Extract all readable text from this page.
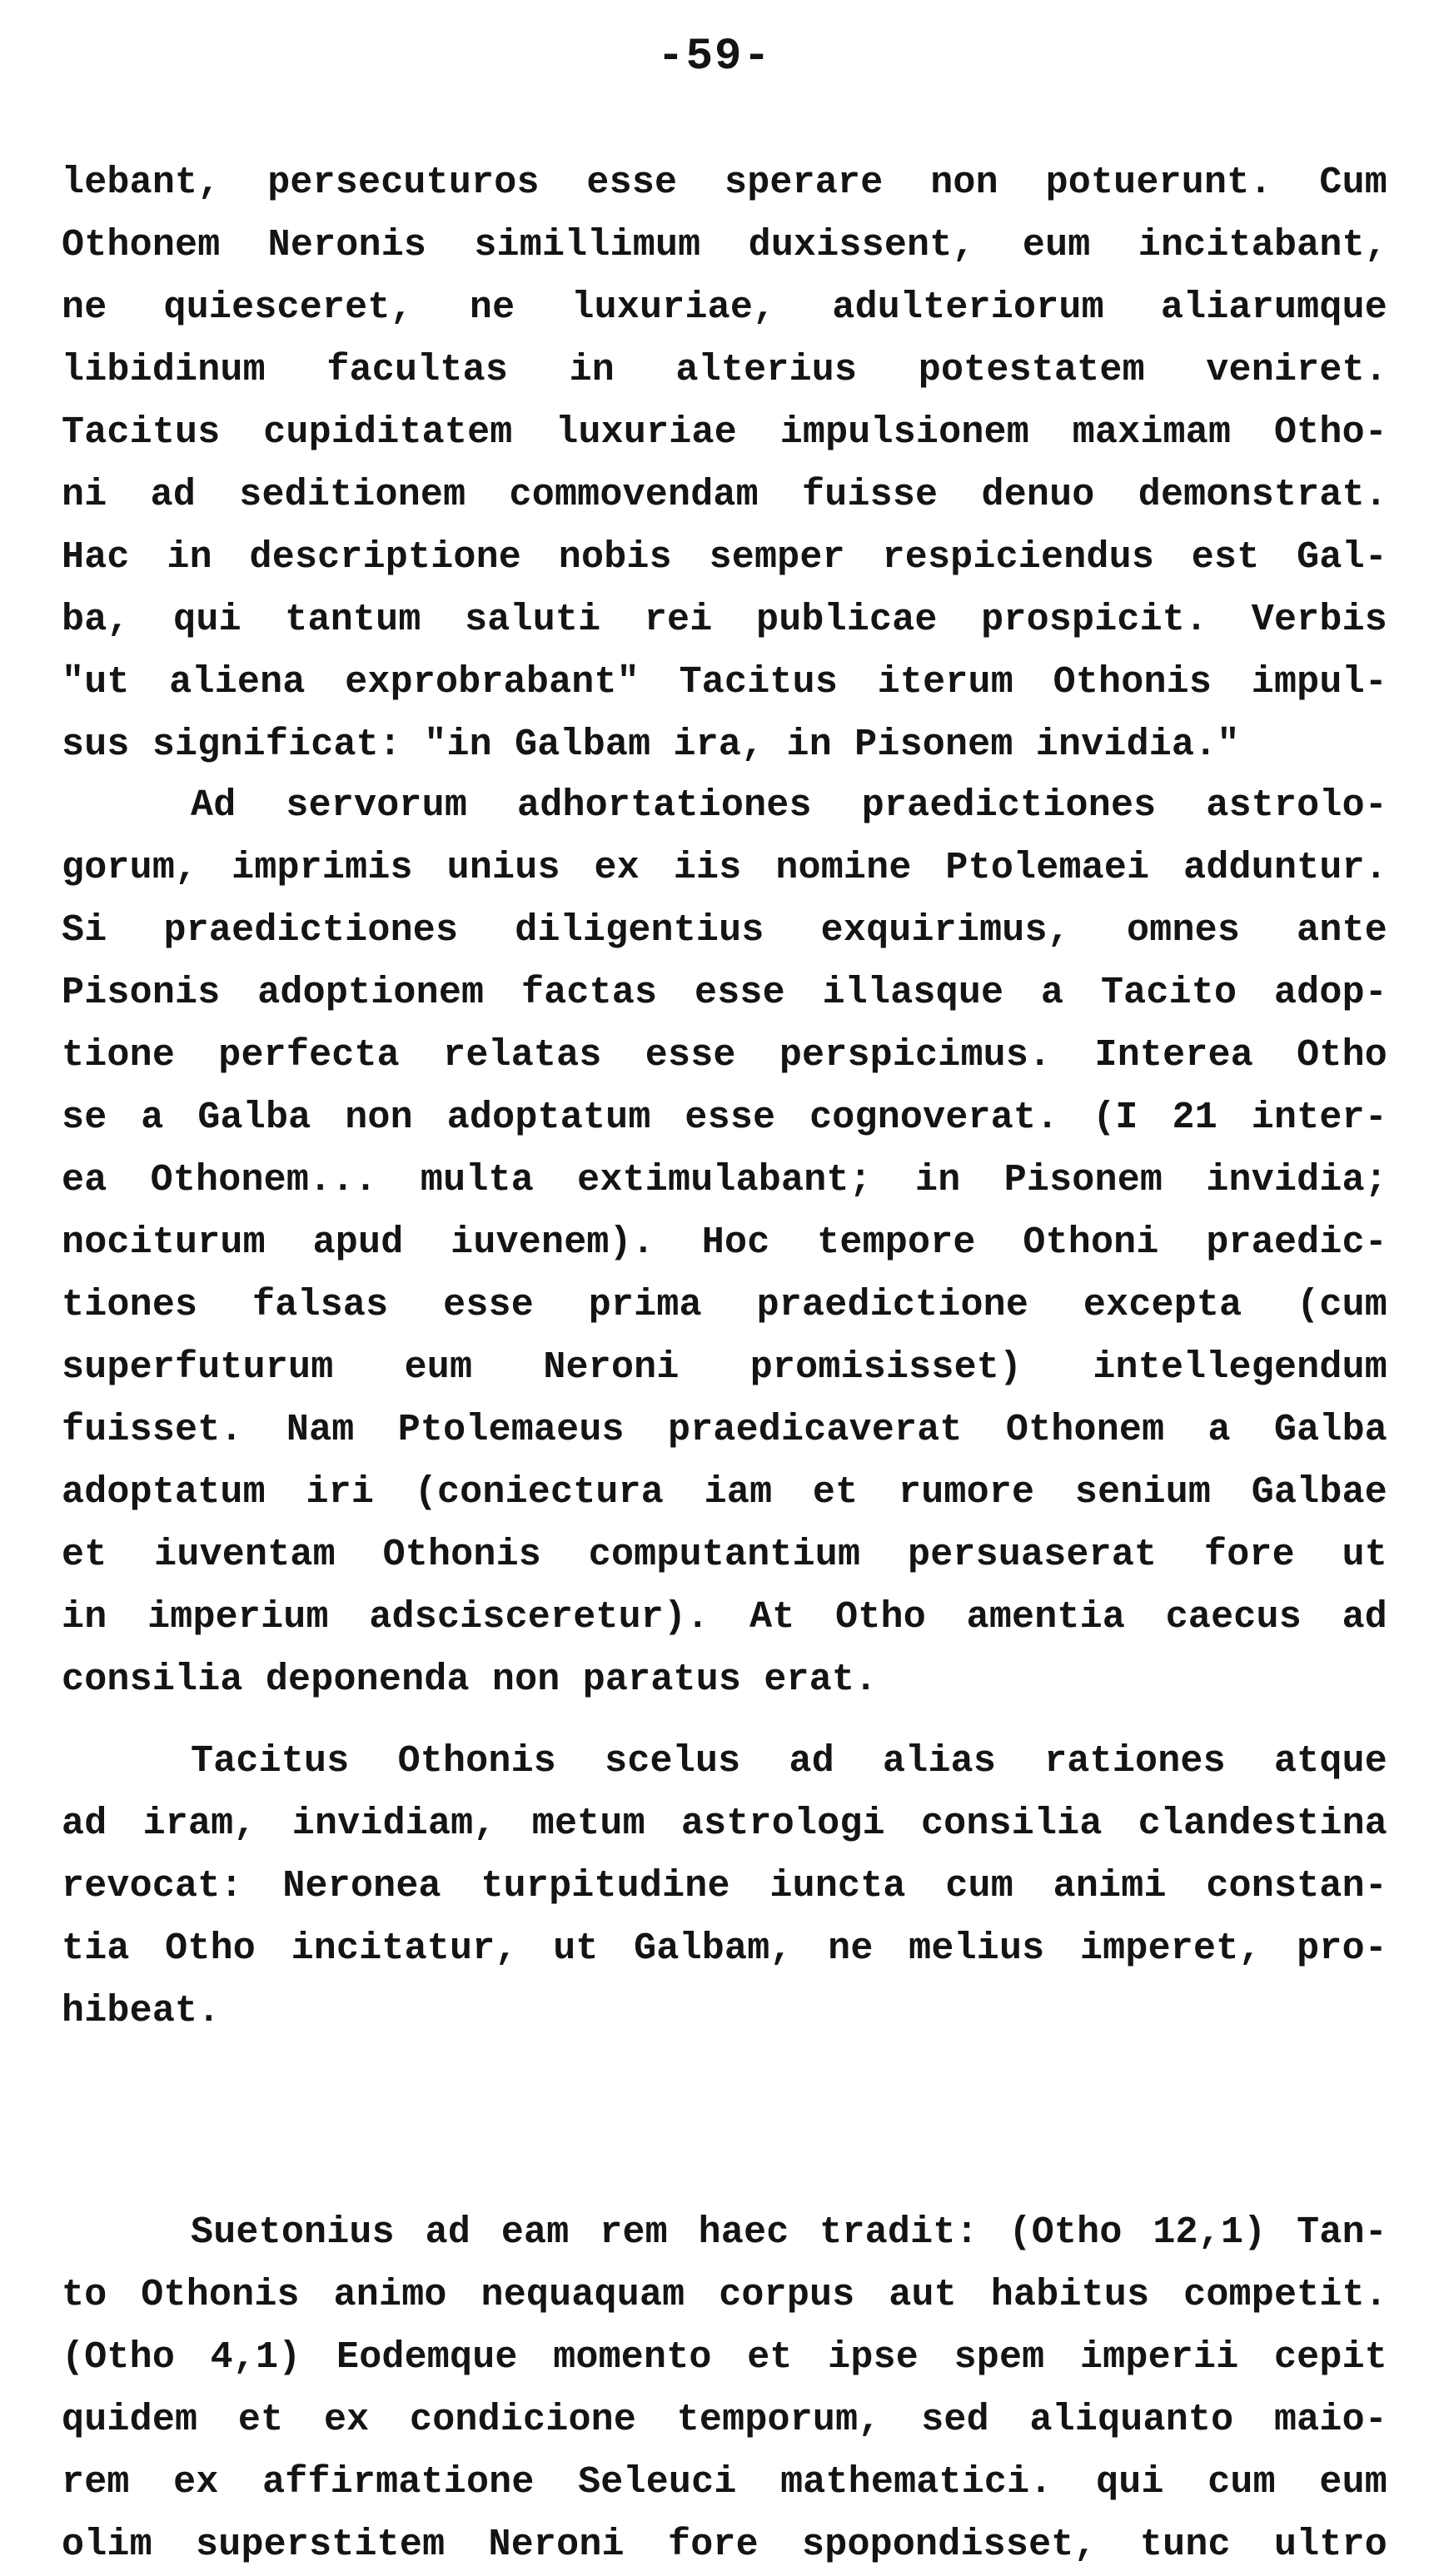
-59-
lebant, persecuturos esse sperare non potuerunt. Cum
Othonem Neronis simillimum duxissent, eum incitabant,
ne quiesceret, ne luxuriae, adulteriorum aliarumque
libidinum facultas in alterius potestatem veniret.
Tacitus cupiditatem luxuriae impulsionem maximam Otho-
ni ad seditionem commovendam fuisse denuo demonstrat.
Hac in descriptione nobis semper respiciendus est Gal-
ba, qui tantum saluti rei publicae prospicit. Verbis
"ut aliena exprobrabant" Tacitus iterum Othonis impul-
sus significat: "in Galbam ira, in Pisonem invidia."
Ad servorum adhortationes praedictiones astrolo-
gorum, imprimis unius ex iis nomine Ptolemaei adduntur.
Si praedictiones diligentius exquirimus, omnes ante
Pisonis adoptionem factas esse illasque a Tacito adop-
tione perfecta relatas esse perspicimus. Interea Otho
se a Galba non adoptatum esse cognoverat. (I 21 inter-
ea Othonem... multa extimulabant; in Pisonem invidia;
nociturum apud iuvenem). Hoc tempore Othoni praedic-
tiones falsas esse prima praedictione excepta (cum
superfuturum eum Neroni promisisset) intellegendum
fuisset. Nam Ptolemaeus praedicaverat Othonem a Galba
adoptatum iri (coniectura iam et rumore senium Galbae
et iuventam Othonis computantium persuaserat fore ut
in imperium adscisceretur). At Otho amentia caecus ad
consilia deponenda non paratus erat.
Tacitus Othonis scelus ad alias rationes atque
ad iram, invidiam, metum astrologi consilia clandestina
revocat: Neronea turpitudine iuncta cum animi constan-
tia Otho incitatur, ut Galbam, ne melius imperet, pro-
hibeat.
Suetonius ad eam rem haec tradit: (Otho 12,1) Tan-
to Othonis animo nequaquam corpus aut habitus competit.
(Otho 4,1) Eodemque momento et ipse spem imperii cepit
quidem et ex condicione temporum, sed aliquanto maio-
rem ex affirmatione Seleuci mathematici. qui cum eum
olim superstitem Neroni fore spopondisset, tunc ultro
